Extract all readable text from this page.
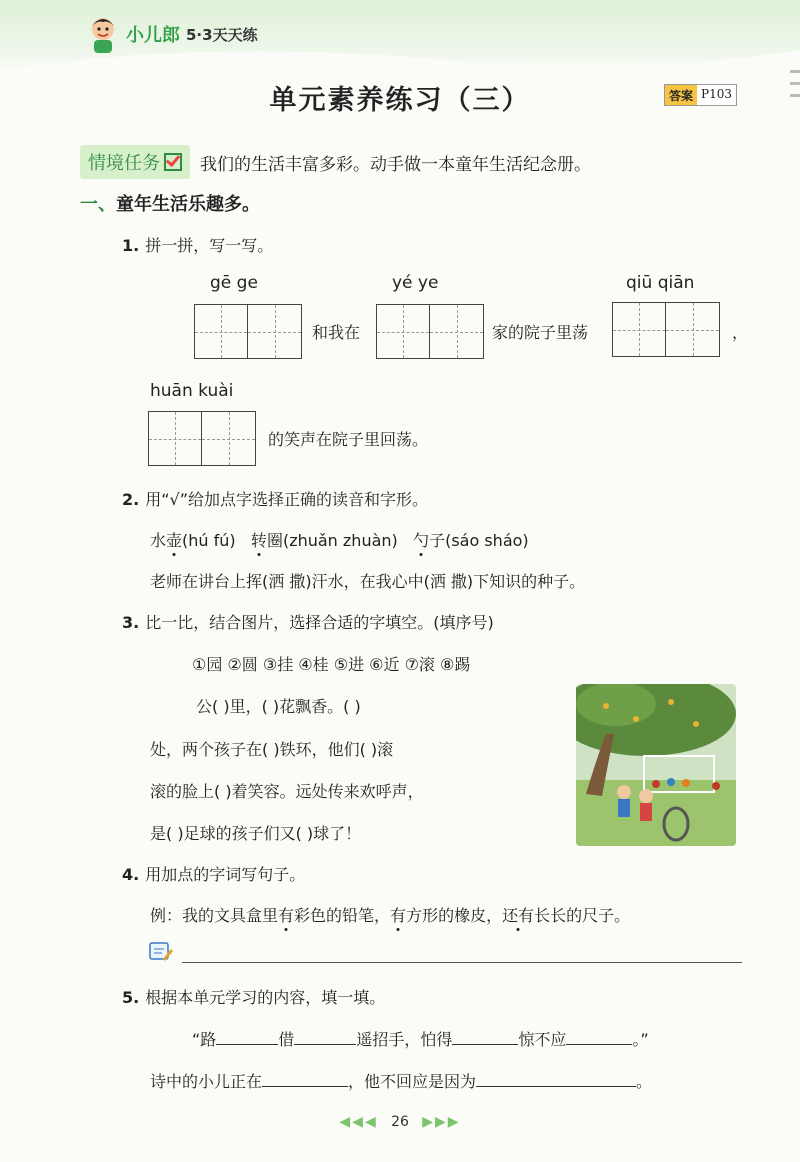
小儿郎 5·3天天练
单元素养练习（三）	答案 P103
情境任务 我们的生活丰富多彩。动手做一本童年生活纪念册。
一、童年生活乐趣多。
1. 拼一拼，写一写。
gē ge	yé ye	qiū qiān
和我在	家的院子里荡	，
huān kuài
的笑声在院子里回荡。
2. 用“√”给加点字选择正确的读音和字形。
水壶(hú fú) 转圈(zhuǎn zhuàn) 勺子(sáo sháo)
老师在讲台上挥(洒 撒)汗水，在我心中(洒 撒)下知识的种子。
3. 比一比，结合图片，选择合适的字填空。(填序号)
①园 ②圆 ③挂 ④桂 ⑤进 ⑥近 ⑦滚 ⑧踢
公( )里，( )花飘香。( )
处，两个孩子在( )铁环，他们( )滚
滚的脸上( )着笑容。远处传来欢呼声，
是( )足球的孩子们又( )球了！
4. 用加点的字词写句子。
例：我的文具盒里有彩色的铅笔，有方形的橡皮，还有长长的尺子。
5. 根据本单元学习的内容，填一填。
“路	借	遥招手，怕得	惊不应	。”
诗中的小儿正在	，他不回应是因为	。
◀◀◀ 26 ▶▶▶
